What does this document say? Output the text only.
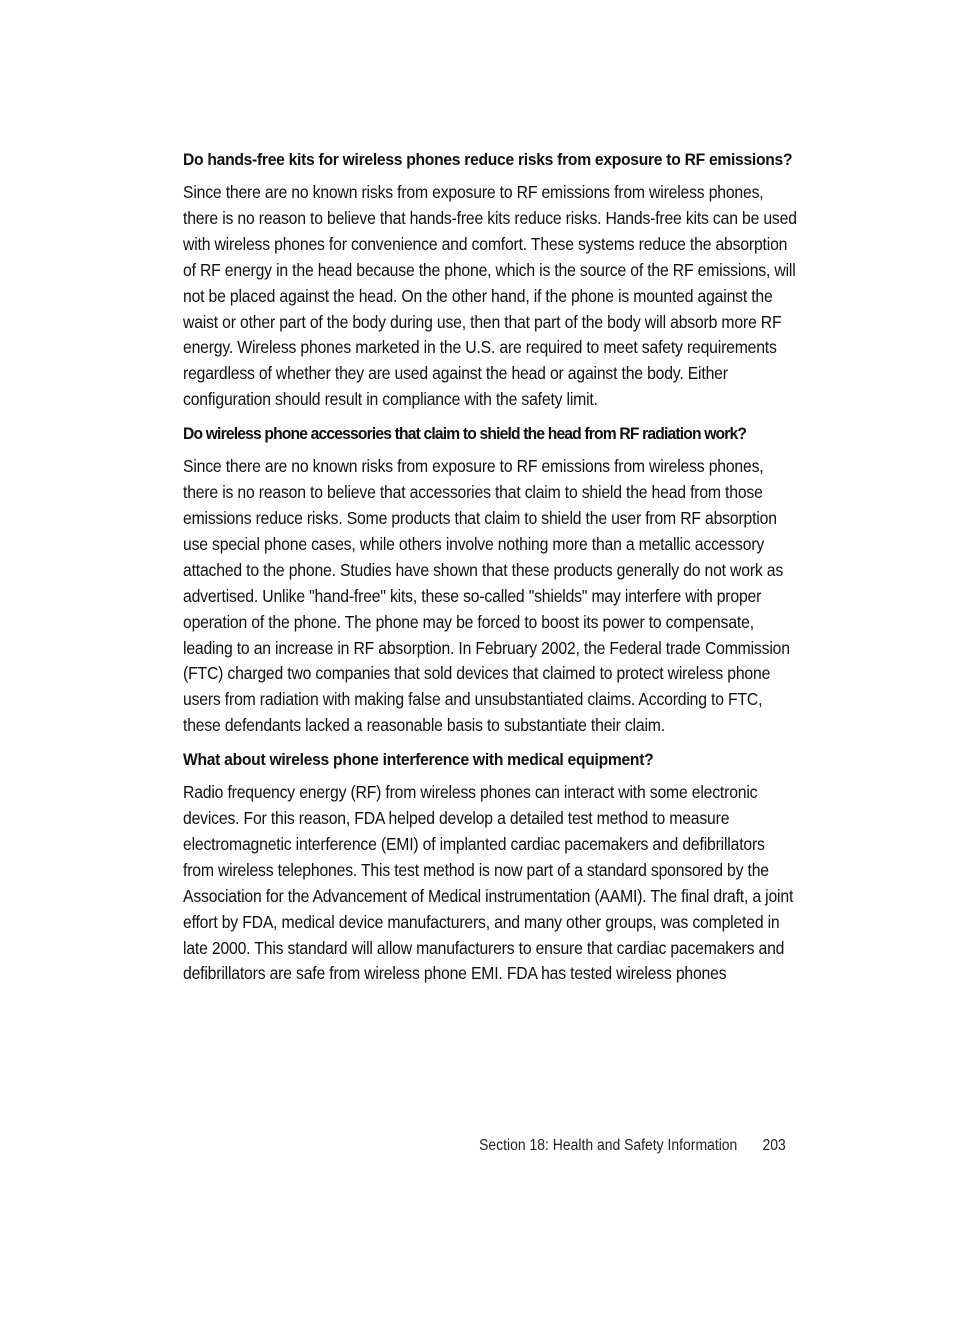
Do hands-free kits for wireless phones reduce risks from exposure to RF emissions?
Since there are no known risks from exposure to RF emissions from wireless phones, there is no reason to believe that hands-free kits reduce risks. Hands-free kits can be used with wireless phones for convenience and comfort. These systems reduce the absorption of RF energy in the head because the phone, which is the source of the RF emissions, will not be placed against the head. On the other hand, if the phone is mounted against the waist or other part of the body during use, then that part of the body will absorb more RF energy. Wireless phones marketed in the U.S. are required to meet safety requirements regardless of whether they are used against the head or against the body. Either configuration should result in compliance with the safety limit.
Do wireless phone accessories that claim to shield the head from RF radiation work?
Since there are no known risks from exposure to RF emissions from wireless phones, there is no reason to believe that accessories that claim to shield the head from those emissions reduce risks. Some products that claim to shield the user from RF absorption use special phone cases, while others involve nothing more than a metallic accessory attached to the phone. Studies have shown that these products generally do not work as advertised. Unlike "hand-free" kits, these so-called "shields" may interfere with proper operation of the phone. The phone may be forced to boost its power to compensate, leading to an increase in RF absorption. In February 2002, the Federal trade Commission (FTC) charged two companies that sold devices that claimed to protect wireless phone users from radiation with making false and unsubstantiated claims. According to FTC, these defendants lacked a reasonable basis to substantiate their claim.
What about wireless phone interference with medical equipment?
Radio frequency energy (RF) from wireless phones can interact with some electronic devices. For this reason, FDA helped develop a detailed test method to measure electromagnetic interference (EMI) of implanted cardiac pacemakers and defibrillators from wireless telephones. This test method is now part of a standard sponsored by the Association for the Advancement of Medical instrumentation (AAMI). The final draft, a joint effort by FDA, medical device manufacturers, and many other groups, was completed in late 2000. This standard will allow manufacturers to ensure that cardiac pacemakers and defibrillators are safe from wireless phone EMI. FDA has tested wireless phones
Section 18: Health and Safety Information 203
